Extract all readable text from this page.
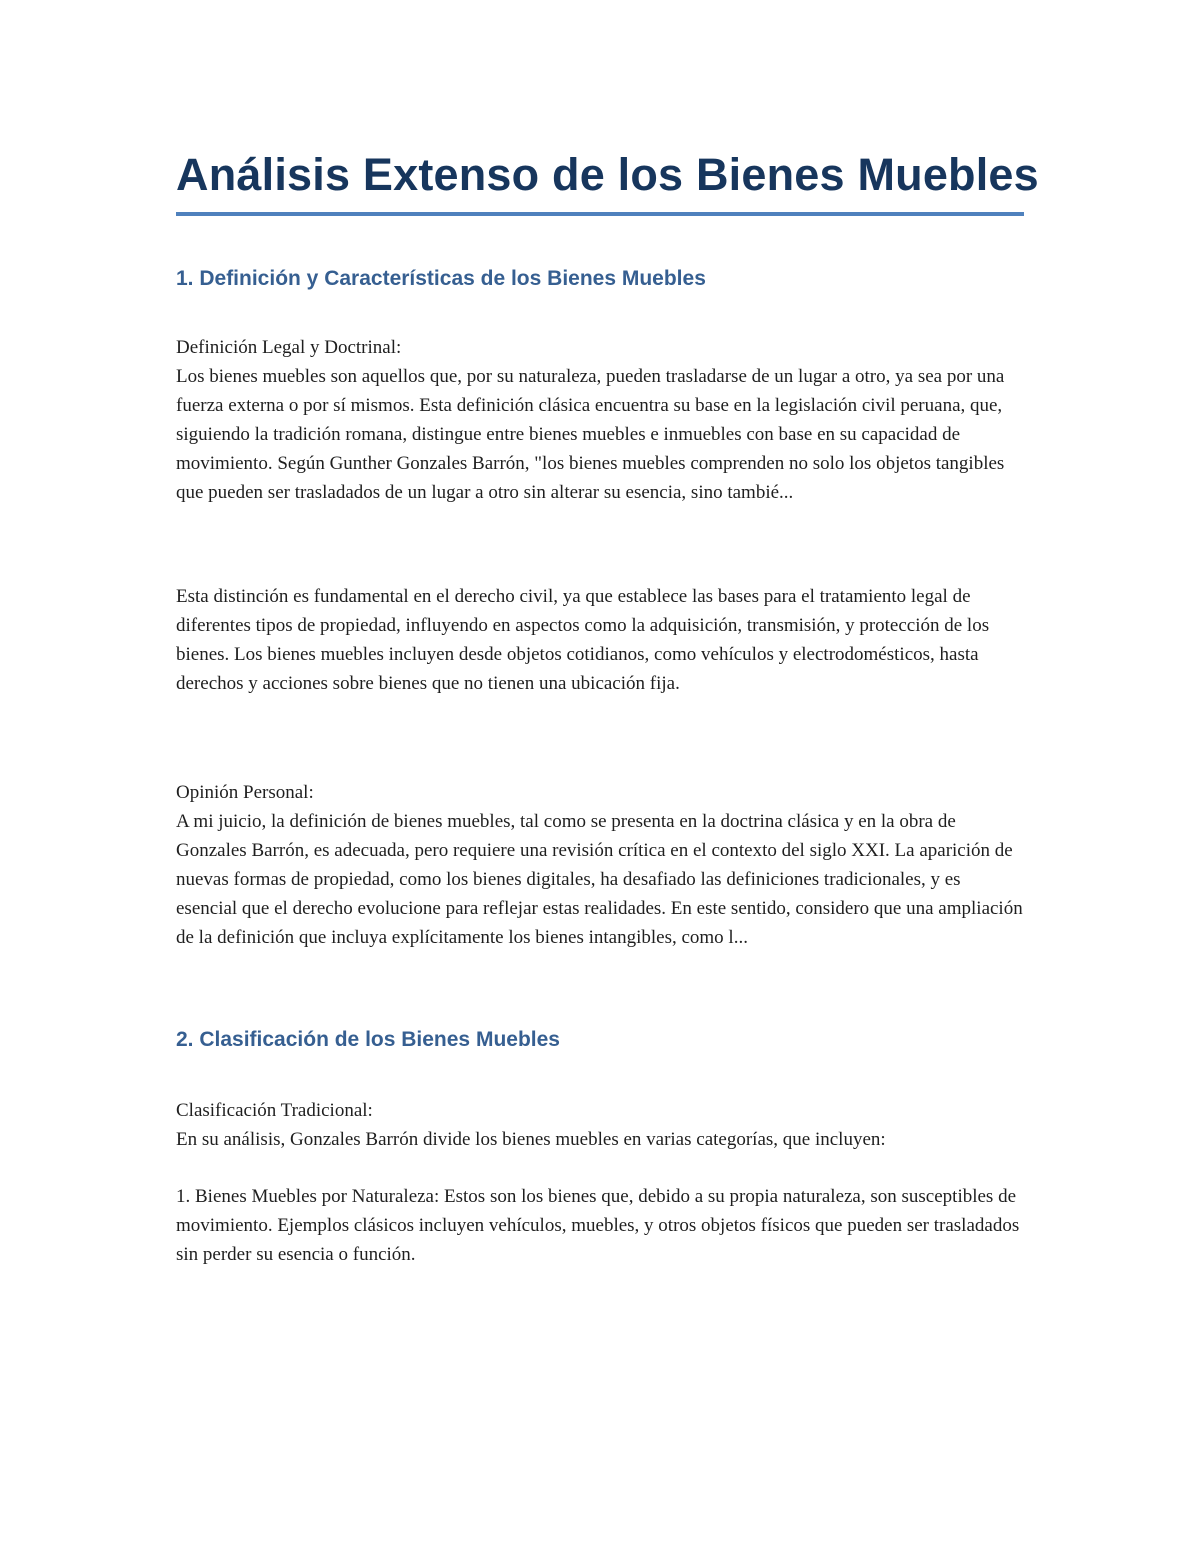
Análisis Extenso de los Bienes Muebles
1. Definición y Características de los Bienes Muebles

Definición Legal y Doctrinal:
Los bienes muebles son aquellos que, por su naturaleza, pueden trasladarse de un lugar a otro, ya sea por una fuerza externa o por sí mismos. Esta definición clásica encuentra su base en la legislación civil peruana, que, siguiendo la tradición romana, distingue entre bienes muebles e inmuebles con base en su capacidad de movimiento. Según Gunther Gonzales Barrón, "los bienes muebles comprenden no solo los objetos tangibles que pueden ser trasladados de un lugar a otro sin alterar su esencia, sino tambié...

Esta distinción es fundamental en el derecho civil, ya que establece las bases para el tratamiento legal de diferentes tipos de propiedad, influyendo en aspectos como la adquisición, transmisión, y protección de los bienes. Los bienes muebles incluyen desde objetos cotidianos, como vehículos y electrodomésticos, hasta derechos y acciones sobre bienes que no tienen una ubicación fija.

Opinión Personal:
A mi juicio, la definición de bienes muebles, tal como se presenta en la doctrina clásica y en la obra de Gonzales Barrón, es adecuada, pero requiere una revisión crítica en el contexto del siglo XXI. La aparición de nuevas formas de propiedad, como los bienes digitales, ha desafiado las definiciones tradicionales, y es esencial que el derecho evolucione para reflejar estas realidades. En este sentido, considero que una ampliación de la definición que incluya explícitamente los bienes intangibles, como l...

2. Clasificación de los Bienes Muebles

Clasificación Tradicional:
En su análisis, Gonzales Barrón divide los bienes muebles en varias categorías, que incluyen:

1. Bienes Muebles por Naturaleza: Estos son los bienes que, debido a su propia naturaleza, son susceptibles de movimiento. Ejemplos clásicos incluyen vehículos, muebles, y otros objetos físicos que pueden ser trasladados sin perder su esencia o función.
